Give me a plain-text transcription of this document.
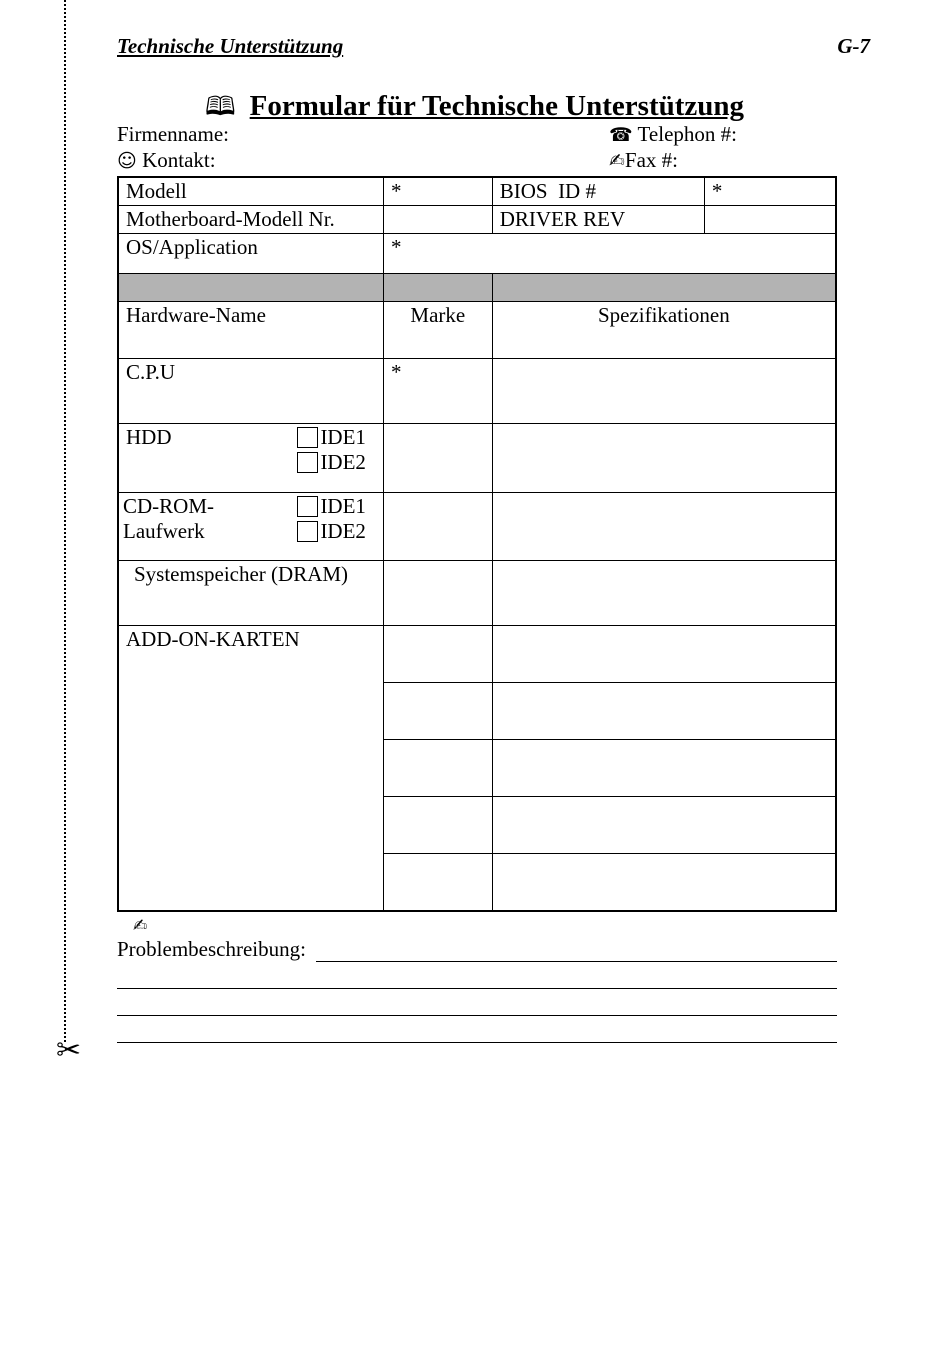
✂
Technische Unterstützung	G-7
🕮 Formular für Technische Unterstützung
Firmenname:	☎ Telephon #:
☺ Kontakt:	✍Fax #:
Modell	*	BIOS  ID #	*
Motherboard-Modell Nr.		DRIVER REV	
OS/Application	*		

Hardware-Name	Marke	Spezifikationen	
C.P.U	*		

HDD IDE1
IDE2			

CD-ROM- IDE1
Laufwerk IDE2			

Systemspeicher (DRAM)			
ADD-ON-KARTEN			

✍
Problembeschreibung:
